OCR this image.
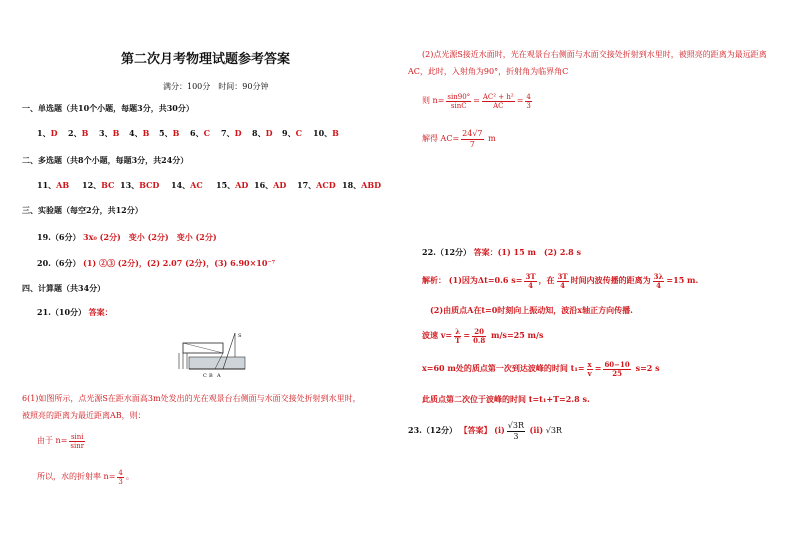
第二次月考物理试题参考答案
满分：100分　时间：90分钟
一、单选题（共10个小题，每题3分，共30分）
1、D 2、B 3、B 4、B 5、B 6、C 7、D 8、D 9、C 10、B
二、多选题（共8个小题，每题3分，共24分）
11、AB 12、BC 13、BCD 14、AC 15、AD 16、AD 17、ACD 18、ABD
三、实验题（每空2分，共12分）
19.（6分） 3x₀ (2分)　变小 (2分)　变小 (2分)
20.（6分） (1) ②③ (2分)，(2) 2.07 (2分)，(3) 6.90×10⁻⁷
四、计算题（共34分）
21.（10分） 答案：
S
C B A
6(1)如图所示，点光源S在距水面高3m处发出的光在观景台右侧面与水面交接处折射到水里时，
被照亮的距离为最近距离AB，则：
由于 $n= \frac{\sin i}{\sin r}$
所以，水的折射率 $n= \frac{4}{3}$ 。
(2)点光源S接近水面时，光在观景台右侧面与水面交接处折射到水里时，被照亮的距离为最远距离
AC，此时，入射角为90°，折射角为临界角C
则 $n= \frac{\sin 90^\circ}{\sin C} = \frac{\text{AC² + h²}}{AC} = \frac{4}{3}$
解得 $AC= \frac{24√7}{7}$ m
22.（12分） 答案：(1) 15 m　(2) 2.8 s
解析： (1)因为Δt=0.6 $s= \frac{3T}{4}$ ，在 $\frac{3T}{4}$ 时间内波传播的距离为 $\frac{3\lambda}{4} =15$ m.
(2)由质点A在t=0时刻向上振动知，波沿x轴正方向传播.
波速 $v= \frac{\lambda}{T} = \frac{20}{0.8} m/s=25$ m/s
x=60 m处的质点第一次到达波峰的时间 $t_1= \frac{x}{v} = \frac{60-10}{25} s=2$ s
此质点第二次位于波峰的时间 t=t₁+T=2.8 s.
23.（12分） 【答案】 $(i) \frac{√3R}{3} (ii)$ √3R
